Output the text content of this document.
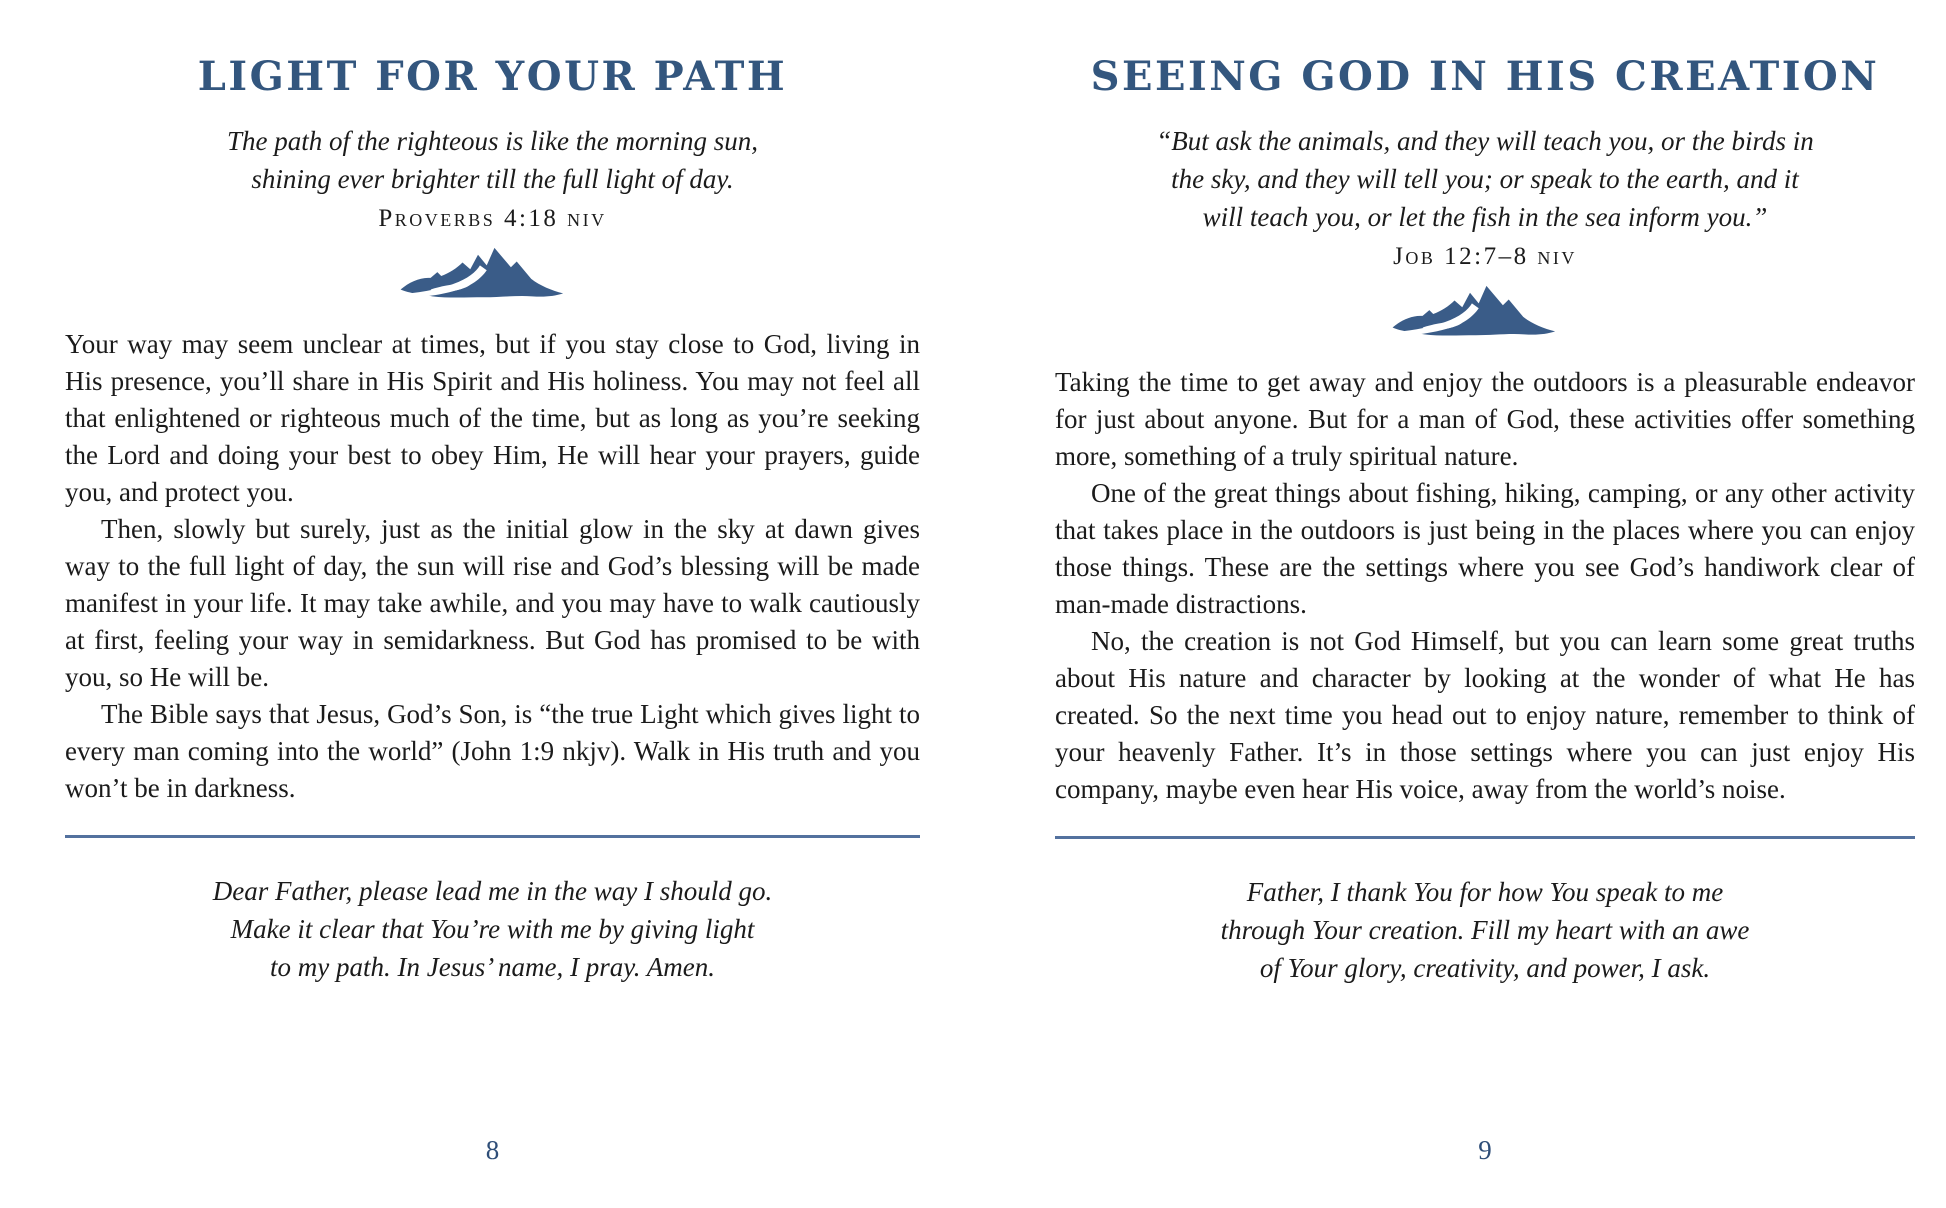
LIGHT FOR YOUR PATH
The path of the righteous is like the morning sun,
shining ever brighter till the full light of day.
Proverbs 4:18 niv

Your way may seem unclear at times, but if you stay close to God, living in His presence, you’ll share in His Spirit and His holiness. You may not feel all that enlightened or righteous much of the time, but as long as you’re seeking the Lord and doing your best to obey Him, He will hear your prayers, guide you, and protect you.

Then, slowly but surely, just as the initial glow in the sky at dawn gives way to the full light of day, the sun will rise and God’s blessing will be made manifest in your life. It may take awhile, and you may have to walk cautiously at first, feeling your way in semidarkness. But God has promised to be with you, so He will be.

The Bible says that Jesus, God’s Son, is “the true Light which gives light to every man coming into the world” (John 1:9 nkjv). Walk in His truth and you won’t be in darkness.

Dear Father, please lead me in the way I should go.
Make it clear that You’re with me by giving light
to my path. In Jesus’ name, I pray. Amen.
8
SEEING GOD IN HIS CREATION
“But ask the animals, and they will teach you, or the birds in
the sky, and they will tell you; or speak to the earth, and it
will teach you, or let the fish in the sea inform you.”
Job 12:7–8 niv

Taking the time to get away and enjoy the outdoors is a pleasurable endeavor for just about anyone. But for a man of God, these activities offer something more, something of a truly spiritual nature.

One of the great things about fishing, hiking, camping, or any other activity that takes place in the outdoors is just being in the places where you can enjoy those things. These are the settings where you see God’s handiwork clear of man-made distractions.

No, the creation is not God Himself, but you can learn some great truths about His nature and character by looking at the wonder of what He has created. So the next time you head out to enjoy nature, remember to think of your heavenly Father. It’s in those settings where you can just enjoy His company, maybe even hear His voice, away from the world’s noise.

Father, I thank You for how You speak to me
through Your creation. Fill my heart with an awe
of Your glory, creativity, and power, I ask.
9
